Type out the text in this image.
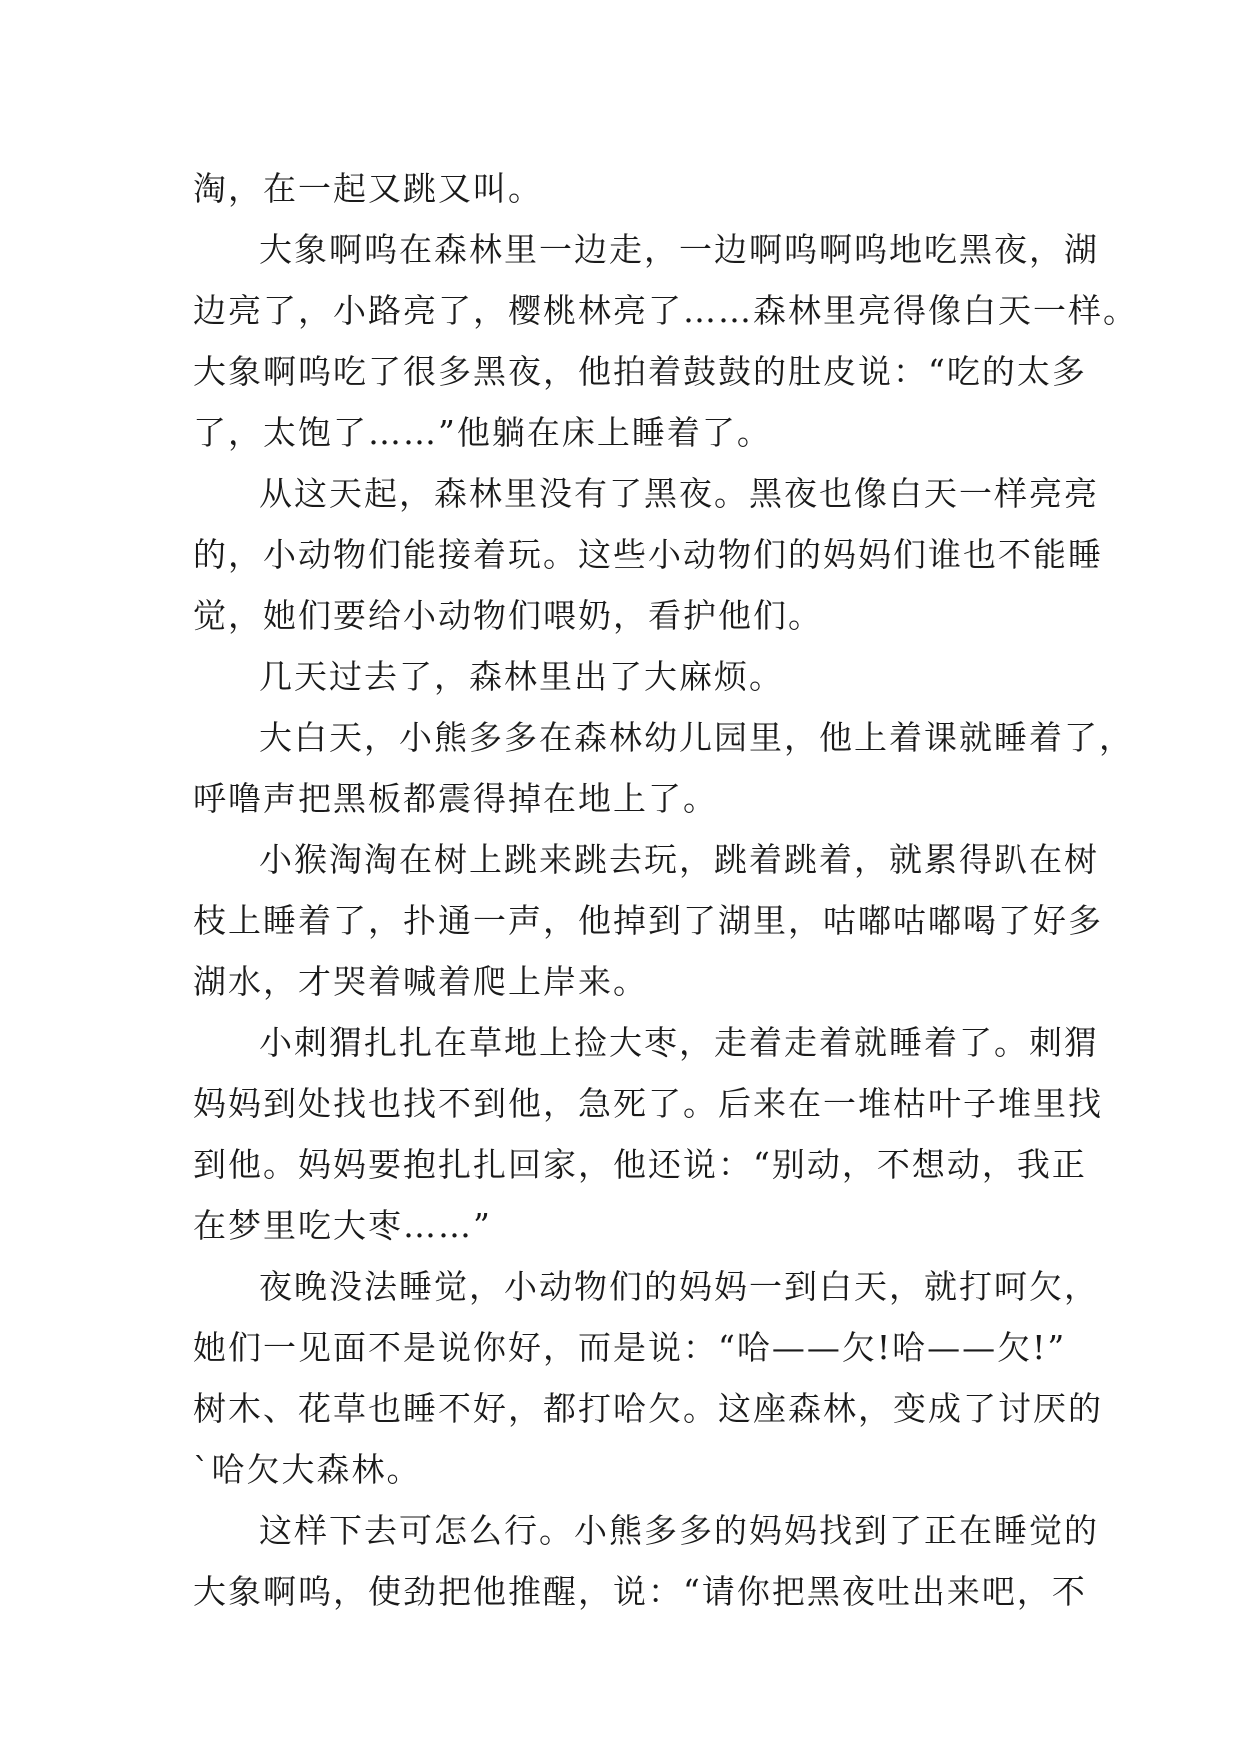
淘，在一起又跳又叫。
大象啊呜在森林里一边走，一边啊呜啊呜地吃黑夜，湖
边亮了，小路亮了，樱桃林亮了……森林里亮得像白天一样。
大象啊呜吃了很多黑夜，他拍着鼓鼓的肚皮说：“吃的太多
了，太饱了……”他躺在床上睡着了。
从这天起，森林里没有了黑夜。黑夜也像白天一样亮亮
的，小动物们能接着玩。这些小动物们的妈妈们谁也不能睡
觉，她们要给小动物们喂奶，看护他们。
几天过去了，森林里出了大麻烦。
大白天，小熊多多在森林幼儿园里，他上着课就睡着了，
呼噜声把黑板都震得掉在地上了。
小猴淘淘在树上跳来跳去玩，跳着跳着，就累得趴在树
枝上睡着了，扑通一声，他掉到了湖里，咕嘟咕嘟喝了好多
湖水，才哭着喊着爬上岸来。
小刺猬扎扎在草地上捡大枣，走着走着就睡着了。刺猬
妈妈到处找也找不到他，急死了。后来在一堆枯叶子堆里找
到他。妈妈要抱扎扎回家，他还说：“别动，不想动，我正
在梦里吃大枣……”
夜晚没法睡觉，小动物们的妈妈一到白天，就打呵欠，
她们一见面不是说你好，而是说：“哈——欠!哈——欠!”
树木、花草也睡不好，都打哈欠。这座森林，变成了讨厌的
`哈欠大森林。
这样下去可怎么行。小熊多多的妈妈找到了正在睡觉的
大象啊呜，使劲把他推醒，说：“请你把黑夜吐出来吧，不
